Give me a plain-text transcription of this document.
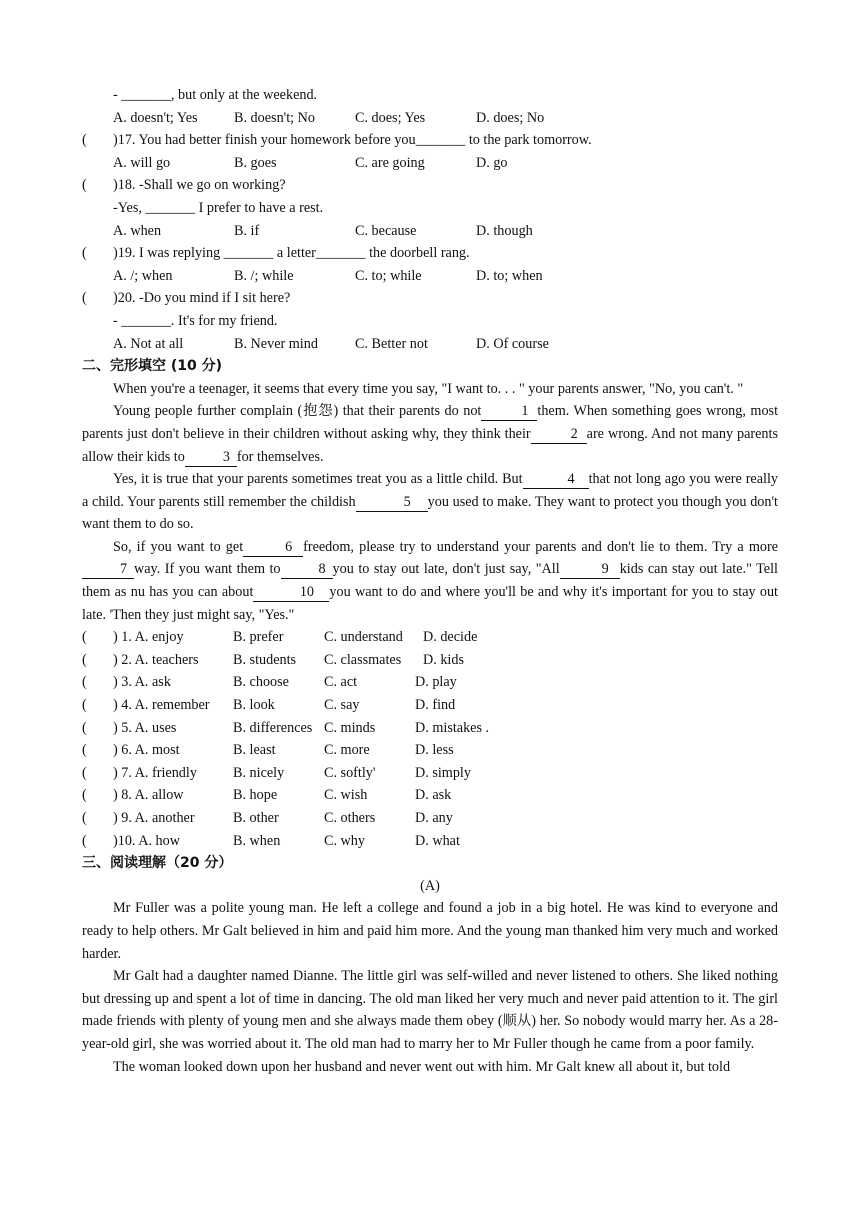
- _______, but only at the weekend.
A. doesn't; Yes	B. doesn't; No	C. does; Yes	D. does; No
(	)17. You had better finish your homework before you_______ to the park tomorrow.
A. will go	B. goes	C. are going	D. go
(	)18. -Shall we go on working?
-Yes, _______ I prefer to have a rest.
A. when	B. if	C. because	D. though
(	)19. I was replying _______ a letter_______ the doorbell rang.
A. /; when	B. /; while	C. to; while	D. to; when
(	)20. -Do you mind if I sit here?
- _______. It's for my friend.
A. Not at all	B. Never mind	C. Better not	D. Of course
二、完形填空 (10 分)

When you're a teenager, it seems that every time you say, "I want to. . . " your parents answer, "No, you can't. "

Young people further complain (抱怨) that their parents do not	1 them. When something goes wrong, most parents just don't believe in their children without asking why, they think their	2 are wrong. And not many parents allow their kids to	3 for themselves.

Yes, it is true that your parents sometimes treat you as a little child. But	4 that not long ago you were really a child. Your parents still remember the childish	5 you used to make. They want to protect you though you don't want them to do so.

So, if you want to get	6 freedom, please try to understand your parents and don't lie to them. Try a more7 way. If you want them to	8 you to stay out late, don't just say, "All	9 kids can stay out late." Tell them as nu has you can about	10 you want to do and where you'll be and why it's important for you to stay out late. 'Then they just might say, "Yes."

(	) 1. A. enjoy	B. prefer	C. understand	D. decide
(	) 2. A. teachers	B. students	C. classmates	D. kids
(	) 3. A. ask	B. choose	C. act	D. play
(	) 4. A. remember	B. look	C. say	D. find
(	) 5. A. uses	B. differences C. minds	D. mistakes .
(	) 6. A. most	B. least	C. more	D. less
(	) 7. A. friendly	B. nicely	C. softly'	D. simply
(	) 8. A. allow	B. hope	C. wish	D. ask
(	) 9. A. another	B. other	C. others	D. any
(	)10. A. how	B. when	C. why	D. what
三、阅读理解（20 分）
(A)

Mr Fuller was a polite young man. He left a college and found a job in a big hotel. He was kind to everyone and ready to help others. Mr Galt believed in him and paid him more. And the young man thanked him very much and worked harder.

Mr Galt had a daughter named Dianne. The little girl was self-willed and never listened to others. She liked nothing but dressing up and spent a lot of time in dancing. The old man liked her very much and never paid attention to it. The girl made friends with plenty of young men and she always made them obey (顺从) her. So nobody would marry her. As a 28-year-old girl, she was worried about it. The old man had to marry her to Mr Fuller though he came from a poor family.

The woman looked down upon her husband and never went out with him. Mr Galt knew all about it, but told
